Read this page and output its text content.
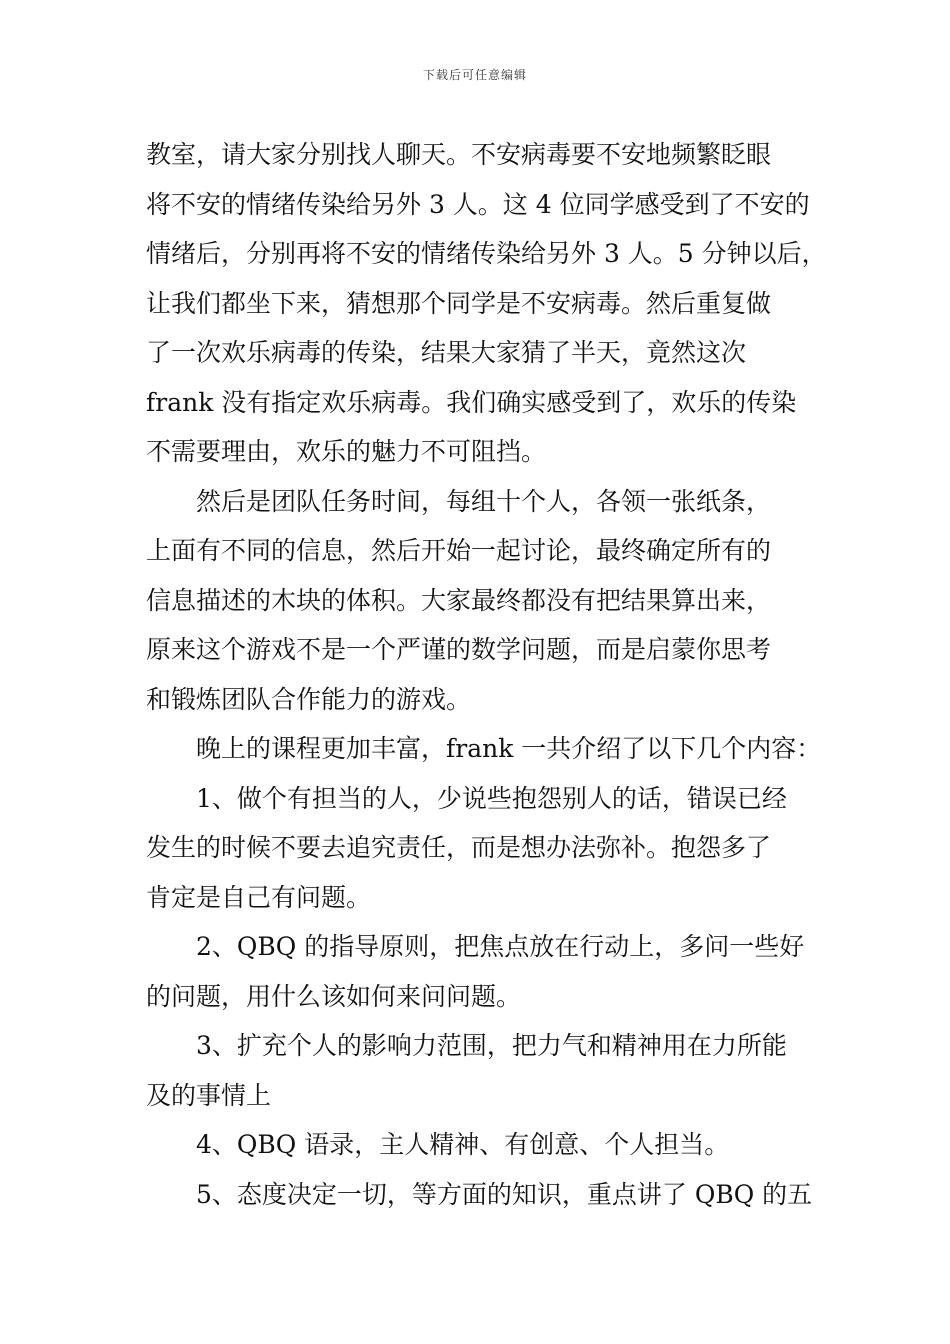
下载后可任意编辑
教室，请大家分别找人聊天。不安病毒要不安地频繁眨眼
将不安的情绪传染给另外 3 人。这 4 位同学感受到了不安的
情绪后，分别再将不安的情绪传染给另外 3 人。5 分钟以后，
让我们都坐下来，猜想那个同学是不安病毒。然后重复做
了一次欢乐病毒的传染，结果大家猜了半天，竟然这次
frank 没有指定欢乐病毒。我们确实感受到了，欢乐的传染
不需要理由，欢乐的魅力不可阻挡。
然后是团队任务时间，每组十个人，各领一张纸条，
上面有不同的信息，然后开始一起讨论，最终确定所有的
信息描述的木块的体积。大家最终都没有把结果算出来，
原来这个游戏不是一个严谨的数学问题，而是启蒙你思考
和锻炼团队合作能力的游戏。
晚上的课程更加丰富，frank 一共介绍了以下几个内容：
1、做个有担当的人，少说些抱怨别人的话，错误已经
发生的时候不要去追究责任，而是想办法弥补。抱怨多了
肯定是自己有问题。
2、QBQ 的指导原则，把焦点放在行动上，多问一些好
的问题，用什么该如何来问问题。
3、扩充个人的影响力范围，把力气和精神用在力所能
及的事情上
4、QBQ 语录，主人精神、有创意、个人担当。
5、态度决定一切，等方面的知识，重点讲了 QBQ 的五
